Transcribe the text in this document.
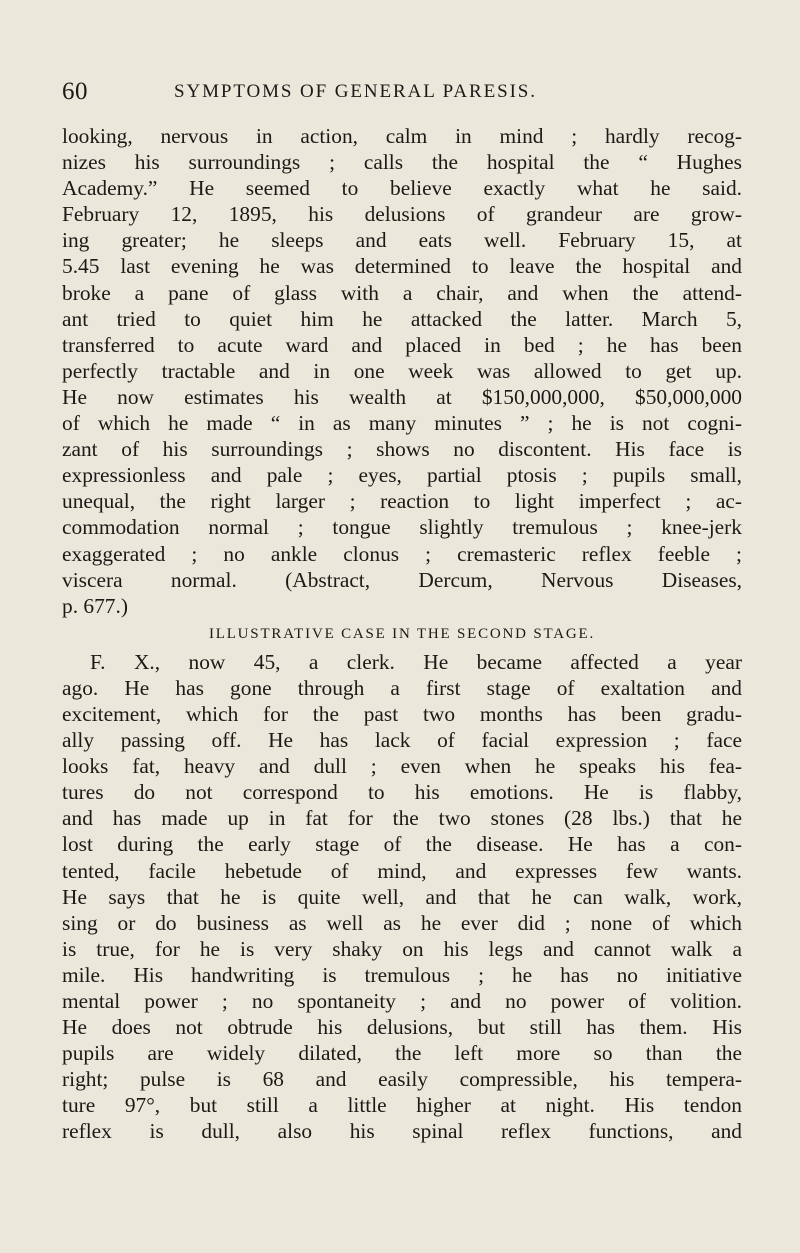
60	SYMPTOMS OF GENERAL PARESIS.
looking, nervous in action, calm in mind ; hardly recog-
nizes his surroundings ; calls the hospital the “ Hughes
Academy.” He seemed to believe exactly what he said.
February 12, 1895, his delusions of grandeur are grow-
ing greater; he sleeps and eats well. February 15, at
5.45 last evening he was determined to leave the hospital and
broke a pane of glass with a chair, and when the attend-
ant tried to quiet him he attacked the latter. March 5,
transferred to acute ward and placed in bed ; he has been
perfectly tractable and in one week was allowed to get up.
He now estimates his wealth at $150,000,000, $50,000,000
of which he made “ in as many minutes ” ; he is not cogni-
zant of his surroundings ; shows no discontent. His face is
expressionless and pale ; eyes, partial ptosis ; pupils small,
unequal, the right larger ; reaction to light imperfect ; ac-
commodation normal ; tongue slightly tremulous ; knee-jerk
exaggerated ; no ankle clonus ; cremasteric reflex feeble ;
viscera normal. (Abstract, Dercum, Nervous Diseases,
p. 677.)
ILLUSTRATIVE CASE IN THE SECOND STAGE.
F. X., now 45, a clerk. He became affected a year
ago. He has gone through a first stage of exaltation and
excitement, which for the past two months has been gradu-
ally passing off. He has lack of facial expression ; face
looks fat, heavy and dull ; even when he speaks his fea-
tures do not correspond to his emotions. He is flabby,
and has made up in fat for the two stones (28 lbs.) that he
lost during the early stage of the disease. He has a con-
tented, facile hebetude of mind, and expresses few wants.
He says that he is quite well, and that he can walk, work,
sing or do business as well as he ever did ; none of which
is true, for he is very shaky on his legs and cannot walk a
mile. His handwriting is tremulous ; he has no initiative
mental power ; no spontaneity ; and no power of volition.
He does not obtrude his delusions, but still has them. His
pupils are widely dilated, the left more so than the
right; pulse is 68 and easily compressible, his tempera-
ture 97°, but still a little higher at night. His tendon
reflex is dull, also his spinal reflex functions, and
